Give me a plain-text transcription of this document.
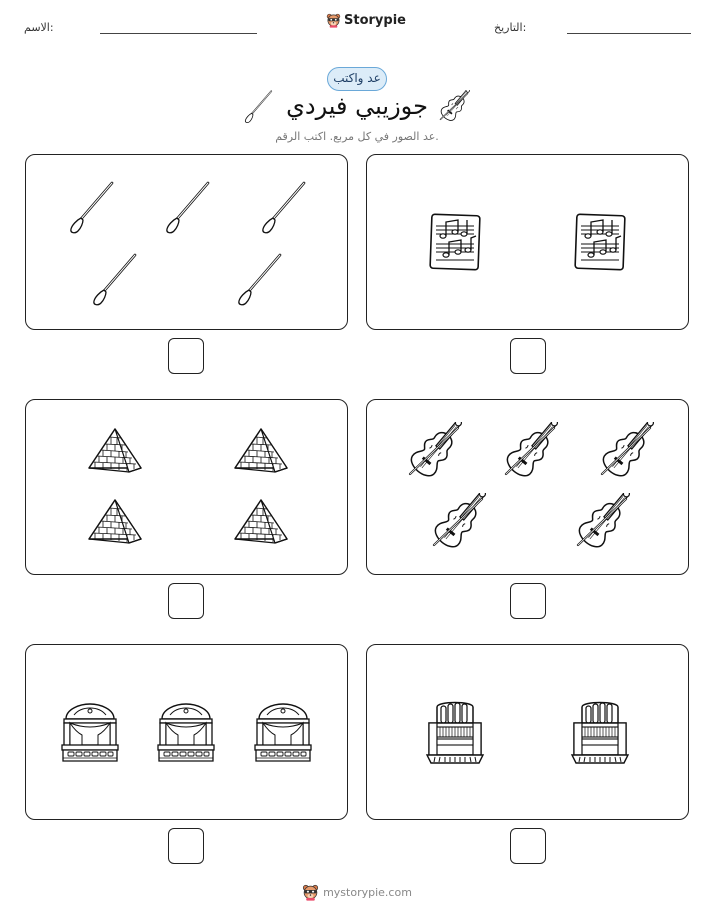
الاسم:	Storypie	التاريخ:
عد واكتب
جوزيبي فيردي
عد الصور في كل مربع. اكتب الرقم.
mystorypie.com
